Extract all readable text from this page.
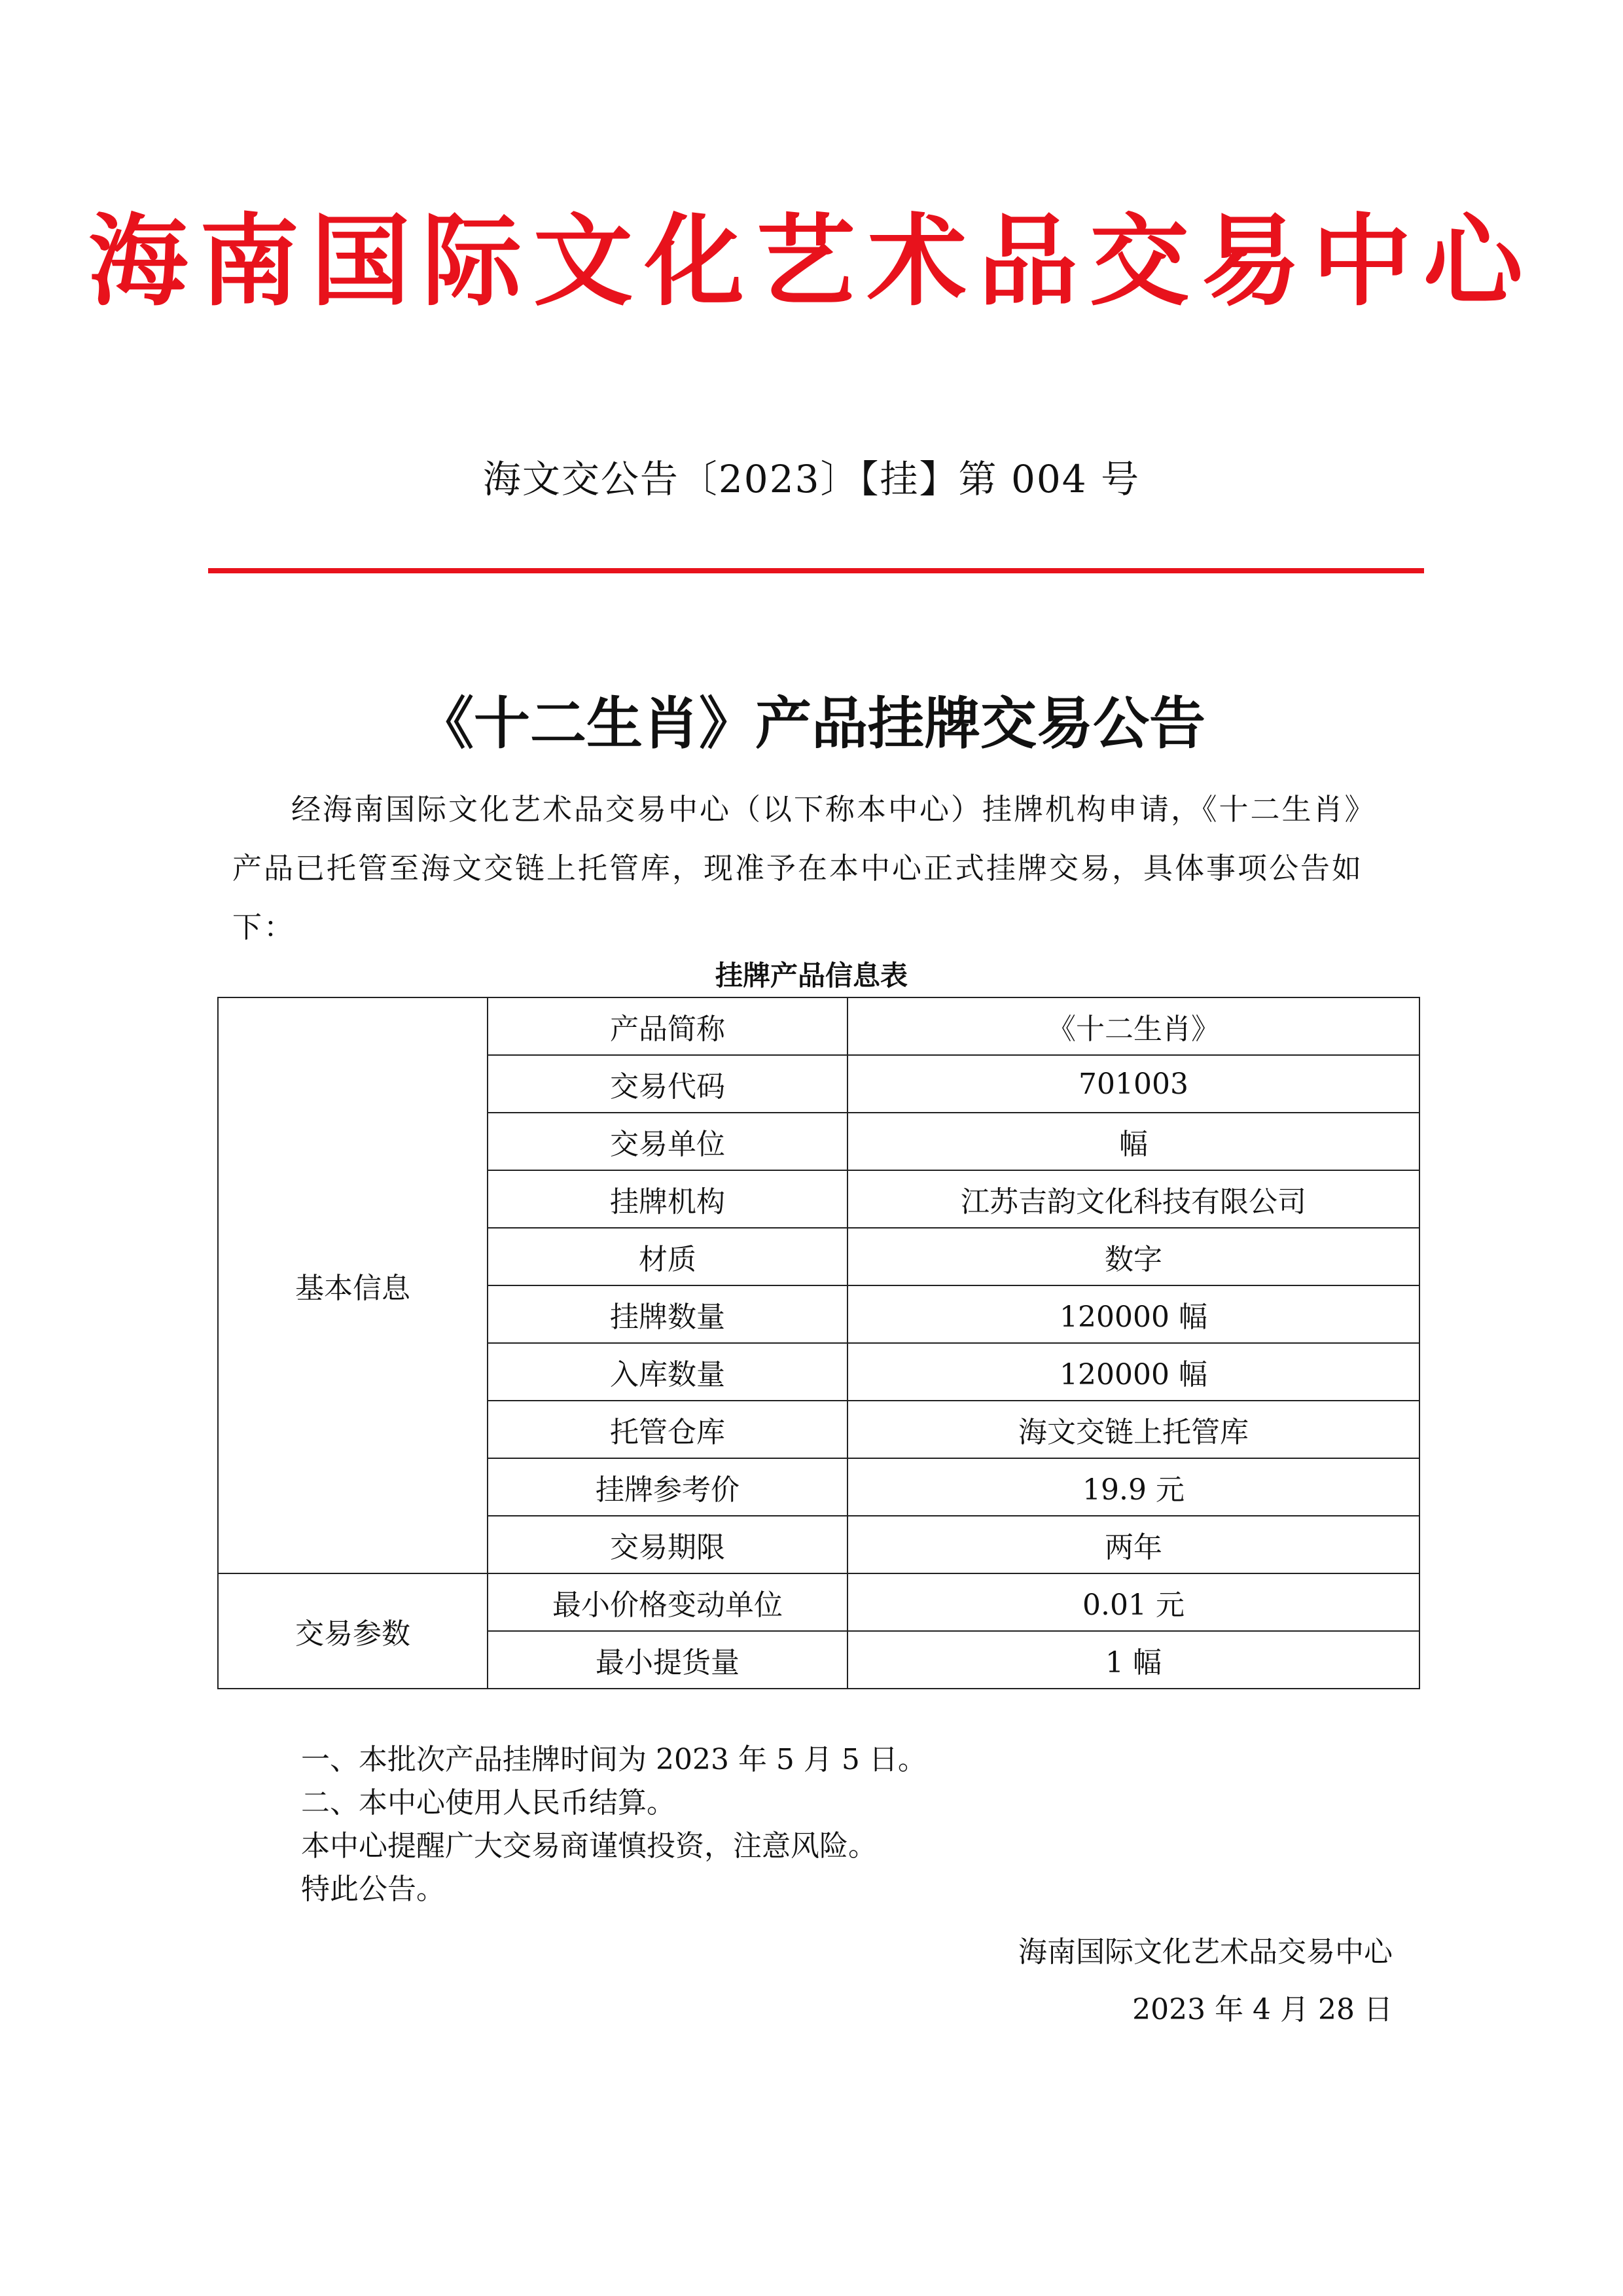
海南国际文化艺术品交易中心
海文交公告〔2023〕【挂】第 004 号
《十二生肖》产品挂牌交易公告

经海南国际文化艺术品交易中心（以下称本中心）挂牌机构申请，《十二生肖》产品已托管至海文交链上托管库，现准予在本中心正式挂牌交易，具体事项公告如下：

挂牌产品信息表
基本信息	产品简称	《十二生肖》
	交易代码	701003
	交易单位	幅
	挂牌机构	江苏吉韵文化科技有限公司
	材质	数字
	挂牌数量	120000 幅
	入库数量	120000 幅
	托管仓库	海文交链上托管库
	挂牌参考价	19.9 元
	交易期限	两年
交易参数	最小价格变动单位	0.01 元
	最小提货量	1 幅
一、本批次产品挂牌时间为 2023 年 5 月 5 日。
二、本中心使用人民币结算。
本中心提醒广大交易商谨慎投资，注意风险。
特此公告。
海南国际文化艺术品交易中心
2023 年 4 月 28 日
